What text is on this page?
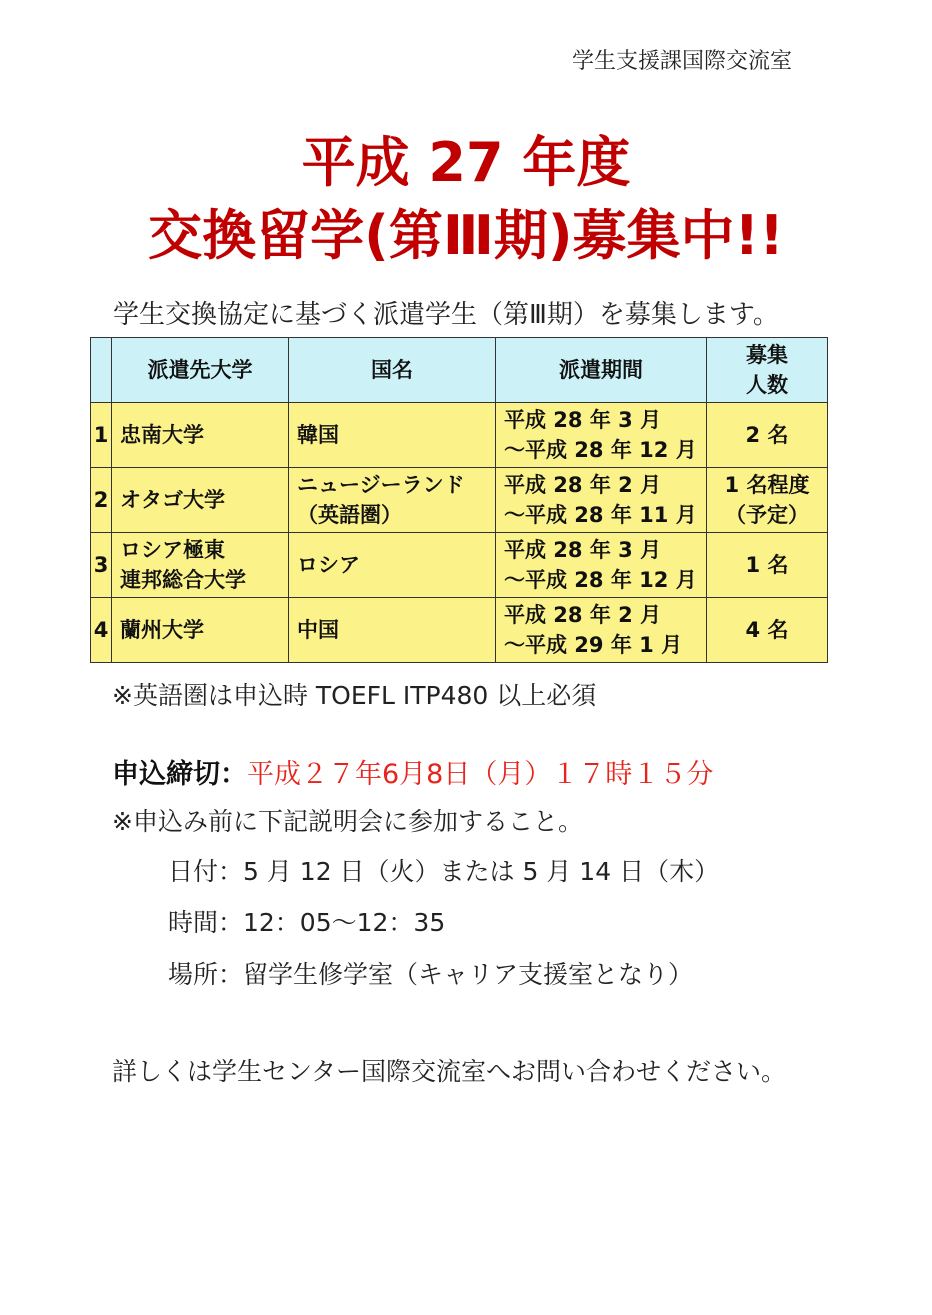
学生支援課国際交流室
平成 27 年度
交換留学(第Ⅲ期)募集中!!
学生交換協定に基づく派遣学生（第Ⅲ期）を募集します。
	派遣先大学	国名	派遣期間	募集
人数

1	忠南大学	韓国	平成 28 年 3 月
～平成 28 年 12 月	2 名

2	オタゴ大学	ニュージーランド
（英語圏）	平成 28 年 2 月
～平成 28 年 11 月	1 名程度
（予定）

3	ロシア極東
連邦総合大学	ロシア	平成 28 年 3 月
～平成 28 年 12 月	1 名

4	蘭州大学	中国	平成 28 年 2 月
～平成 29 年 1 月	4 名
※英語圏は申込時 TOEFL ITP480 以上必須
申込締切：平成２７年6月8日（月）１７時１５分
※申込み前に下記説明会に参加すること。
日付：5 月 12 日（火）または 5 月 14 日（木）
時間：12：05～12：35
場所：留学生修学室（キャリア支援室となり）
詳しくは学生センター国際交流室へお問い合わせください。
